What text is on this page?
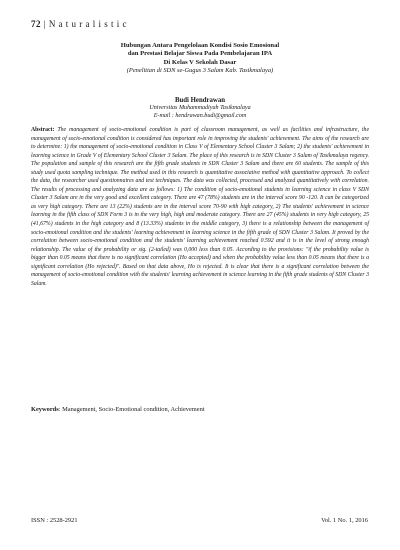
72 | N a t u r a l i s t i c
Hubungan Antara Pengelolaan Kondisi Sosio Emosional
dan Prestasi Belajar Siswa Pada Pembelajaran IPA
Di Kelas V Sekolah Dasar
(Penelitian di SDN se-Gugus 3 Salam Kab. Tasikmalaya)
Budi Hendrawan
Universitas Muhammadiyah Tasikmalaya
E-mail : hendrawan.budi@gmail.com
Abstract: The management of socio-emotional condition is part of classroom management, as well as facilities and infrastructure, the management of socio-emotional condition is considered has important role in improving the students' achievement. The aims of the research are to determine: 1) the management of socio-emotional condition in Class V of Elementary School Cluster 3 Salam; 2) the students' achievement in learning science in Grade V of Elementary School Cluster 3 Salam. The place of this research is in SDN Cluster 3 Salam of Tasikmalaya regency. The population and sample of this research are the fifth grade students in SDN Cluster 3 Salam and there are 60 students. The sample of this study used quota sampling technique. The method used in this research is quantitative associative method with quantitative approach. To collect the data, the researcher used questionnaires and test techniques. The data was collected, processed and analyzed quantitatively with correlation. The results of processing and analyzing data are as follows: 1) The condition of socio-emotional students in learning science in class V SDN Cluster 3 Salam are in the very good and excellent category. There are 47 (78%) students are in the interval score 90 -120. It can be categorized as very high category. There are 13 (22%) students are in the interval score 70-90 with high category, 2) The students' achievement in science learning in the fifth class of SDN Form 3 is in the very high, high and moderate category. There are 27 (45%) students in very high category, 25 (41,67%) students in the high category and 8 (13.33%) students in the middle category, 3) there is a relationship between the management of socio-emotional condition and the students' learning achievement in learning science in the fifth grade of SDN Cluster 3 Salam. It proved by the correlation between socio-emotional condition and the students' learning achievement reached 0.592 and it is in the level of strong enough relationship. The value of the probability or sig. (2-tailed) was 0,000 less than 0.05. According to the provisions: "if the probability value is bigger than 0.05 means that there is no significant correlation (Ho accepted) and when the probability value less than 0.05 means that there is a significant correlation (Ho rejected)". Based on that data above, Ho is rejected. It is clear that there is a significant correlation between the management of socio-emotional condition with the students' learning achievement in science learning in the fifth grade students of SDN Cluster 3 Salam.
Keywords: Management, Socio-Emotional condition, Achievement
ISSN : 2528-2921	Vol. 1 No. 1, 2016
